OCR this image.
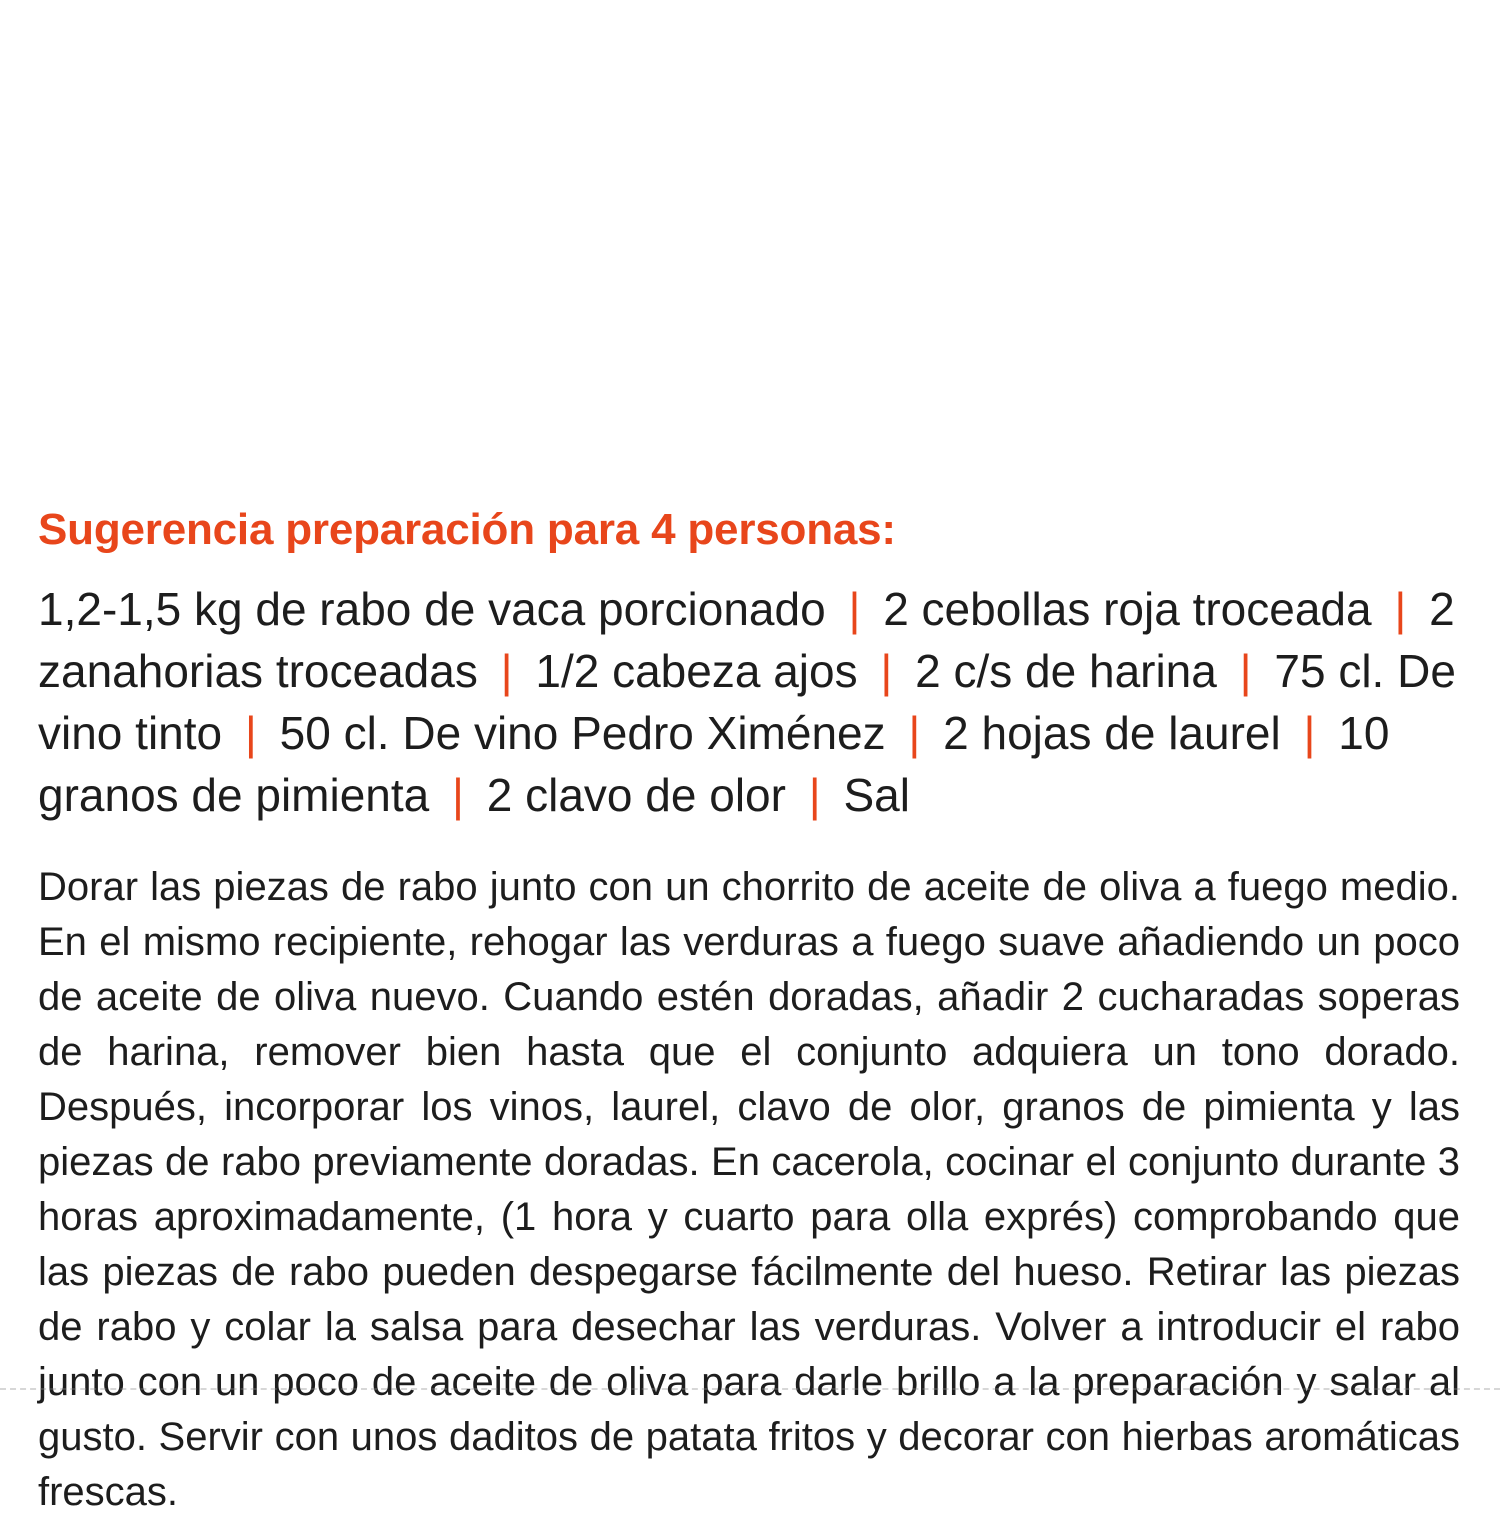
Sugerencia preparación para 4 personas:

1,2-1,5 kg de rabo de vaca porcionado | 2 cebollas roja troceada | 2 zanahorias troceadas | 1/2 cabeza ajos | 2 c/s de harina | 75 cl. De vino tinto | 50 cl. De vino Pedro Ximénez | 2 hojas de laurel | 10 granos de pimienta | 2 clavo de olor | Sal

Dorar las piezas de rabo junto con un chorrito de aceite de oliva a fuego medio. En el mismo recipiente, rehogar las verduras a fuego suave añadiendo un poco de aceite de oliva nuevo. Cuando estén doradas, añadir 2 cucharadas soperas de harina, remover bien hasta que el conjunto adquiera un tono dorado. Después, incorporar los vinos, laurel, clavo de olor, granos de pimienta y las piezas de rabo previamente doradas. En cacerola, cocinar el conjunto durante 3 horas aproximadamente, (1 hora y cuarto para olla exprés) comprobando que las piezas de rabo pueden despegarse fácilmente del hueso. Retirar las piezas de rabo y colar la salsa para desechar las verduras. Volver a introducir el rabo junto con un poco de aceite de oliva para darle brillo a la preparación y salar al gusto. Servir con unos daditos de patata fritos y decorar con hierbas aromáticas frescas.
